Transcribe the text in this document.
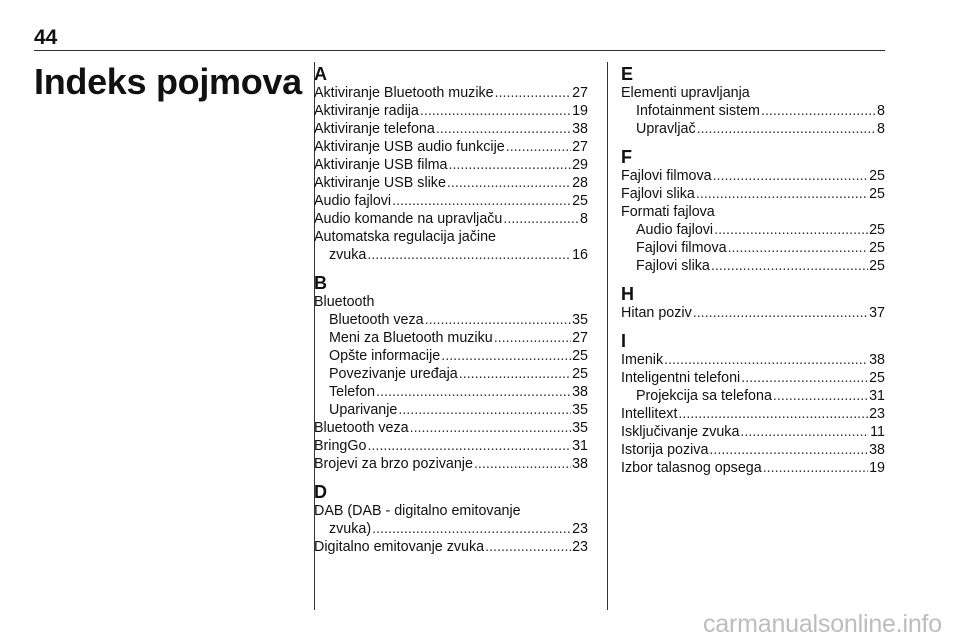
44
Indeks pojmova A
Aktiviranje Bluetooth muzike .....	27
Aktiviranje radija .....	19
Aktiviranje telefona .....	38
Aktiviranje USB audio funkcije .....	27
Aktiviranje USB filma .....	29
Aktiviranje USB slike .....	28
Audio fajlovi .....	25
Audio komande na upravljaču .....	8
Automatska regulacija jačine
zvuka .....	16
B
Bluetooth
Bluetooth veza .....	35
Meni za Bluetooth muziku .....	27
Opšte informacije .....	25
Povezivanje uređaja .....	25
Telefon .....	38
Uparivanje .....	35
Bluetooth veza .....	35
BringGo .....	31
Brojevi za brzo pozivanje .....	38
D
DAB (DAB - digitalno emitovanje
zvuka) .....	23
Digitalno emitovanje zvuka .....	23
E
Elementi upravljanja
Infotainment sistem .....	8
Upravljač .....	8
F
Fajlovi filmova .....	25
Fajlovi slika .....	25
Formati fajlova
Audio fajlovi .....	25
Fajlovi filmova .....	25
Fajlovi slika .....	25
H
Hitan poziv .....	37
I
Imenik .....	38
Inteligentni telefoni .....	25
Projekcija sa telefona .....	31
Intellitext .....	23
Isključivanje zvuka .....	11
Istorija poziva .....	38
Izbor talasnog opsega .....	19
carmanualsonline.info
